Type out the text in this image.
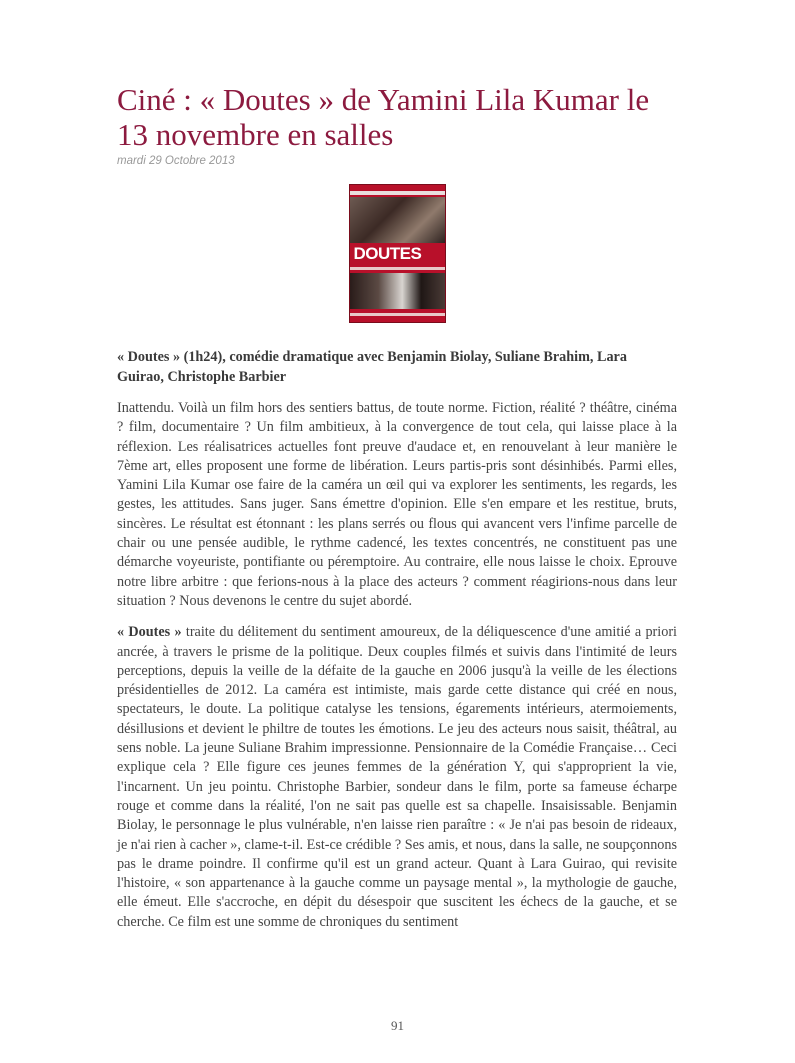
Ciné : « Doutes » de Yamini Lila Kumar le 13 novembre en salles
mardi 29 Octobre 2013
DOUTES
« Doutes » (1h24), comédie dramatique avec Benjamin Biolay, Suliane Brahim, Lara Guirao, Christophe Barbier

Inattendu. Voilà un film hors des sentiers battus, de toute norme. Fiction, réalité ? théâtre, cinéma ? film, documentaire ? Un film ambitieux, à la convergence de tout cela, qui laisse place à la réflexion. Les réalisatrices actuelles font preuve d'audace et, en renouvelant à leur manière le 7ème art, elles proposent une forme de libération. Leurs partis-pris sont désinhibés. Parmi elles, Yamini Lila Kumar ose faire de la caméra un œil qui va explorer les sentiments, les regards, les gestes, les attitudes. Sans juger. Sans émettre d'opinion. Elle s'en empare et les restitue, bruts, sincères. Le résultat est étonnant : les plans serrés ou flous qui avancent vers l'infime parcelle de chair ou une pensée audible, le rythme cadencé, les textes concentrés, ne constituent pas une démarche voyeuriste, pontifiante ou péremptoire. Au contraire, elle nous laisse le choix. Eprouve notre libre arbitre : que ferions-nous à la place des acteurs ? comment réagirions-nous dans leur situation ? Nous devenons le centre du sujet abordé.

« Doutes » traite du délitement du sentiment amoureux, de la déliquescence d'une amitié a priori ancrée, à travers le prisme de la politique. Deux couples filmés et suivis dans l'intimité de leurs perceptions, depuis la veille de la défaite de la gauche en 2006 jusqu'à la veille de les élections présidentielles de 2012. La caméra est intimiste, mais garde cette distance qui créé en nous, spectateurs, le doute. La politique catalyse les tensions, égarements intérieurs, atermoiements, désillusions et devient le philtre de toutes les émotions. Le jeu des acteurs nous saisit, théâtral, au sens noble. La jeune Suliane Brahim impressionne. Pensionnaire de la Comédie Française… Ceci explique cela ? Elle figure ces jeunes femmes de la génération Y, qui s'approprient la vie, l'incarnent. Un jeu pointu. Christophe Barbier, sondeur dans le film, porte sa fameuse écharpe rouge et comme dans la réalité, l'on ne sait pas quelle est sa chapelle. Insaisissable. Benjamin Biolay, le personnage le plus vulnérable, n'en laisse rien paraître : « Je n'ai pas besoin de rideaux, je n'ai rien à cacher », clame-t-il. Est-ce crédible ? Ses amis, et nous, dans la salle, ne soupçonnons pas le drame poindre. Il confirme qu'il est un grand acteur. Quant à Lara Guirao, qui revisite l'histoire, « son appartenance à la gauche comme un paysage mental », la mythologie de gauche, elle émeut. Elle s'accroche, en dépit du désespoir que suscitent les échecs de la gauche, et se cherche. Ce film est une somme de chroniques du sentiment

91
